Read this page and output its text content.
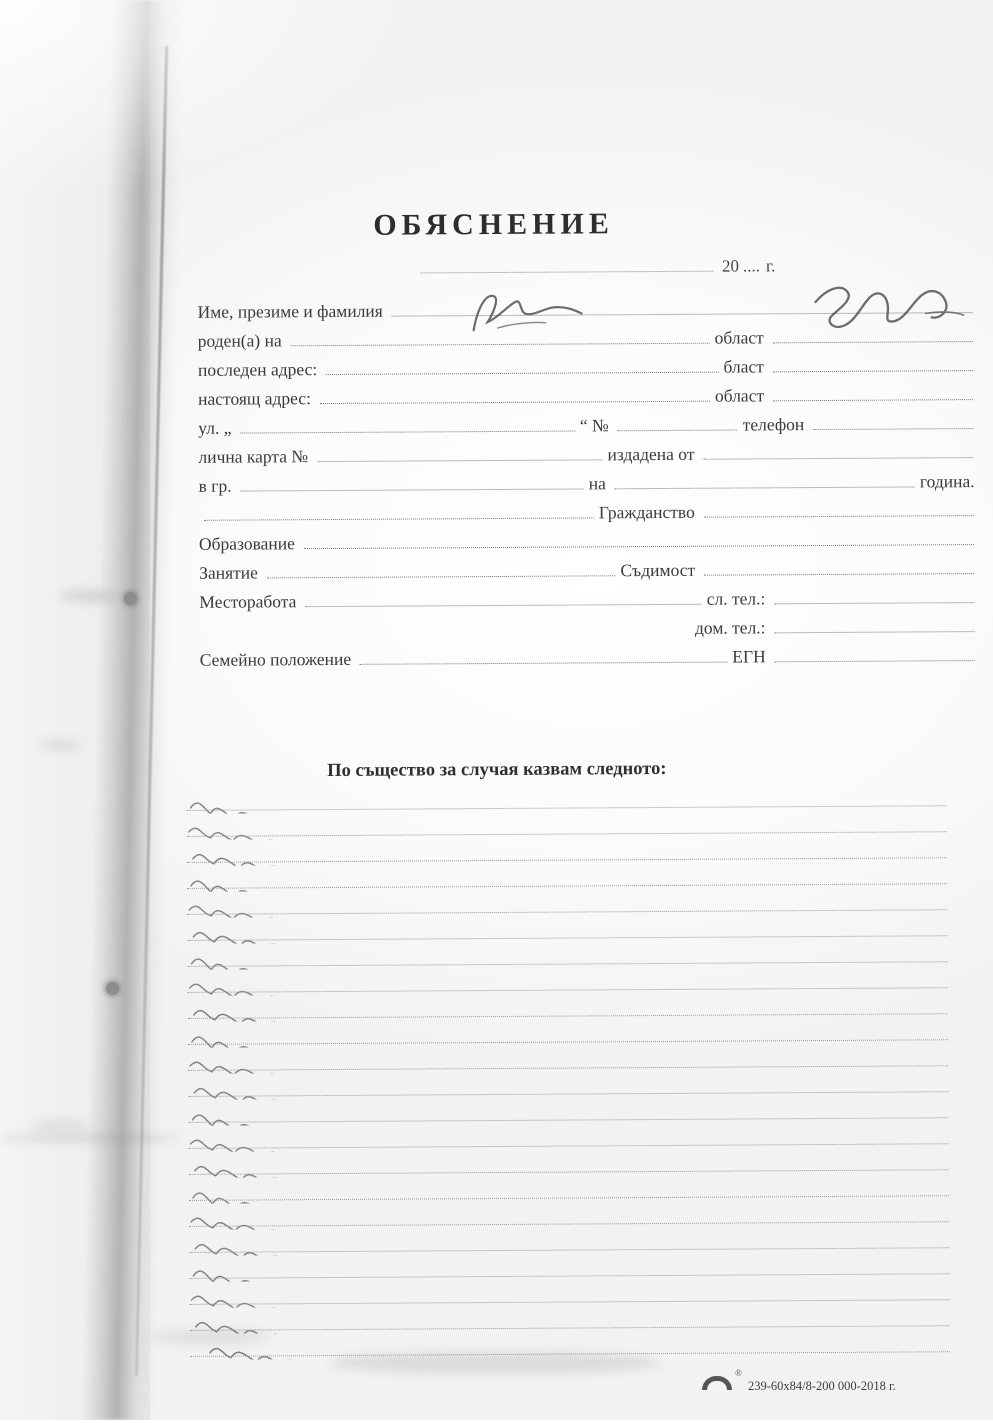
ОБЯСНЕНИЕ
20 .... г.
Име, презиме и фамилия
роден(а) на	област
последен адрес:	бласт
настоящ адрес:	област
ул. „	“ №	телефон
лична карта №	издадена от
в гр.	на	година.
Гражданство
Образование
Занятие	Съдимост
Месторабота	сл. тел.:
дом. тел.:
Семейно положение	ЕГН
По съществo за случая казвам следното:
®
239-60x84/8-200 000-2018 г.
